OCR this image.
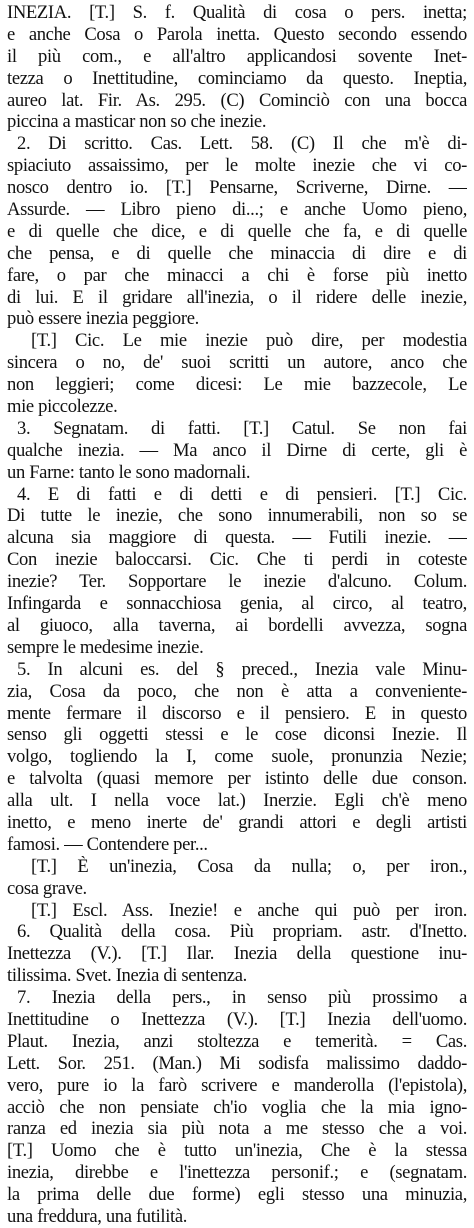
INEZIA. [T.] S. f. Qualità di cosa o pers. inetta;
e anche Cosa o Parola inetta. Questo secondo essendo
il più com., e all'altro applicandosi sovente Inet-
tezza o Inettitudine, cominciamo da questo. Ineptia,
aureo lat. Fir. As. 295. (C) Cominciò con una bocca
piccina a masticar non so che inezie.
2. Di scritto. Cas. Lett. 58. (C) Il che m'è di-
spiaciuto assaissimo, per le molte inezie che vi co-
nosco dentro io. [T.] Pensarne, Scriverne, Dirne. —
Assurde. — Libro pieno di...; e anche Uomo pieno,
e di quelle che dice, e di quelle che fa, e di quelle
che pensa, e di quelle che minaccia di dire e di
fare, o par che minacci a chi è forse più inetto
di lui. E il gridare all'inezia, o il ridere delle inezie,
può essere inezia peggiore.
[T.] Cic. Le mie inezie può dire, per modestia
sincera o no, de' suoi scritti un autore, anco che
non leggieri; come dicesi: Le mie bazzecole, Le
mie piccolezze.
3. Segnatam. di fatti. [T.] Catul. Se non fai
qualche inezia. — Ma anco il Dirne di certe, gli è
un Farne: tanto le sono madornali.
4. E di fatti e di detti e di pensieri. [T.] Cic.
Di tutte le inezie, che sono innumerabili, non so se
alcuna sia maggiore di questa. — Futili inezie. —
Con inezie baloccarsi. Cic. Che ti perdi in coteste
inezie? Ter. Sopportare le inezie d'alcuno. Colum.
Infingarda e sonnacchiosa genia, al circo, al teatro,
al giuoco, alla taverna, ai bordelli avvezza, sogna
sempre le medesime inezie.
5. In alcuni es. del § preced., Inezia vale Minu-
zia, Cosa da poco, che non è atta a conveniente-
mente fermare il discorso e il pensiero. E in questo
senso gli oggetti stessi e le cose diconsi Inezie. Il
volgo, togliendo la I, come suole, pronunzia Nezie;
e talvolta (quasi memore per istinto delle due conson.
alla ult. I nella voce lat.) Inerzie. Egli ch'è meno
inetto, e meno inerte de' grandi attori e degli artisti
famosi. — Contendere per...
[T.] È un'inezia, Cosa da nulla; o, per iron.,
cosa grave.
[T.] Escl. Ass. Inezie! e anche qui può per iron.
6. Qualità della cosa. Più propriam. astr. d'Inetto.
Inettezza (V.). [T.] Ilar. Inezia della questione inu-
tilissima. Svet. Inezia di sentenza.
7. Inezia della pers., in senso più prossimo a
Inettitudine o Inettezza (V.). [T.] Inezia dell'uomo.
Plaut. Inezia, anzi stoltezza e temerità. = Cas.
Lett. Sor. 251. (Man.) Mi sodisfa malissimo daddo-
vero, pure io la farò scrivere e manderolla (l'epistola),
acciò che non pensiate ch'io voglia che la mia igno-
ranza ed inezia sia più nota a me stesso che a voi.
[T.] Uomo che è tutto un'inezia, Che è la stessa
inezia, direbbe e l'inettezza personif.; e (segnatam.
la prima delle due forme) egli stesso una minuzia,
una freddura, una futilità.
